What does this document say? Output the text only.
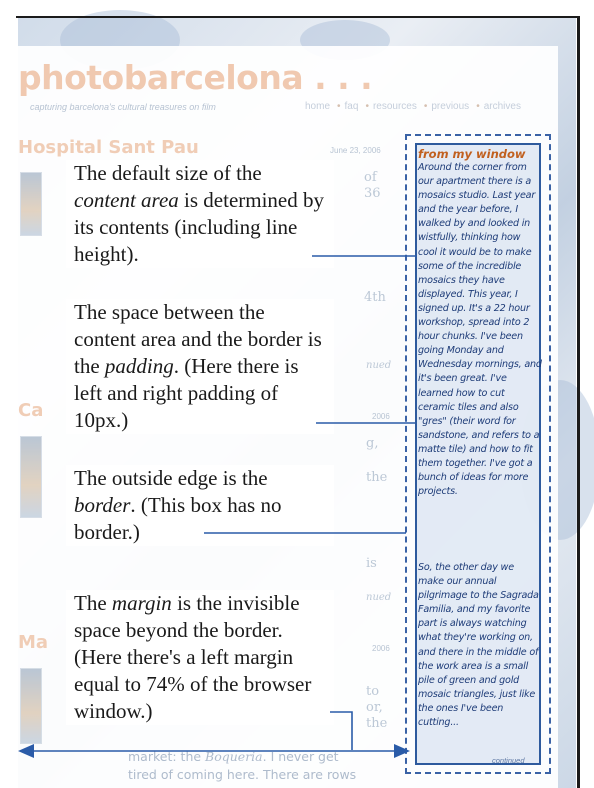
photobarcelona . . .
capturing barcelona's cultural treasures on film	home • faq • resources • previous • archives
Hospital Sant Pau	June 23, 2006
Ca	2006
Ma	2006
of
36
4th
nued
g,
the
is
nued
to
or,
the
market: the Boqueria. I never get
tired of coming here. There are rows
from my window
Around the corner from our apartment there is a mosaics studio. Last year and the year before, I walked by and looked in wistfully, thinking how cool it would be to make some of the incredible mosaics they have displayed. This year, I signed up. It's a 22 hour workshop, spread into 2 hour chunks. I've been going Monday and Wednesday mornings, and it's been great. I've learned how to cut ceramic tiles and also "gres" (their word for sandstone, and refers to a matte tile) and how to fit them together. I've got a bunch of ideas for more projects.
So, the other day we make our annual pilgrimage to the Sagrada Familia, and my favorite part is always watching what they're working on, and there in the middle of the work area is a small pile of green and gold mosaic triangles, just like the ones I've been cutting...
continued
The default size of the content area is determined by its contents (including line height).
The space between the content area and the border is the padding. (Here there is left and right padding of 10px.)
The outside edge is the border. (This box has no border.)
The margin is the invisible space beyond the border. (Here there's a left margin equal to 74% of the browser window.)
